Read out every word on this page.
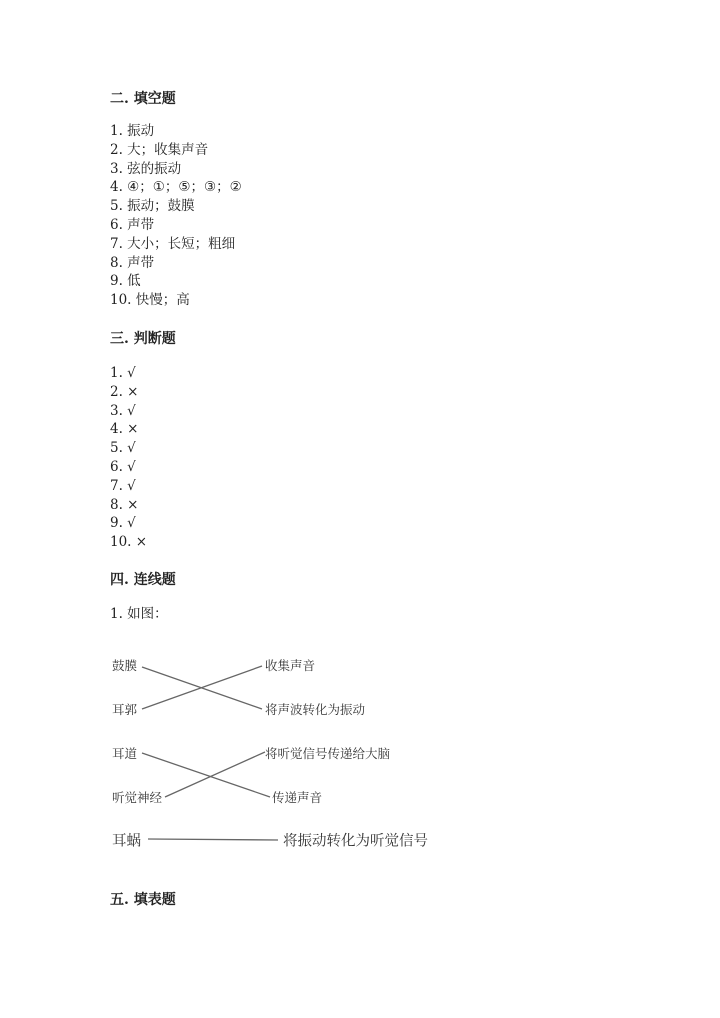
二. 填空题
1. 振动
2. 大；收集声音
3. 弦的振动
4. ④；①；⑤；③；②
5. 振动；鼓膜
6. 声带
7. 大小；长短；粗细
8. 声带
9. 低
10. 快慢；高
三. 判断题
1. √
2. ×
3. √
4. ×
5. √
6. √
7. √
8. ×
9. √
10. ×
四. 连线题
1. 如图：
鼓膜
耳郭
耳道
听觉神经
耳蜗
收集声音
将声波转化为振动
将听觉信号传递给大脑
传递声音
将振动转化为听觉信号
五. 填表题
